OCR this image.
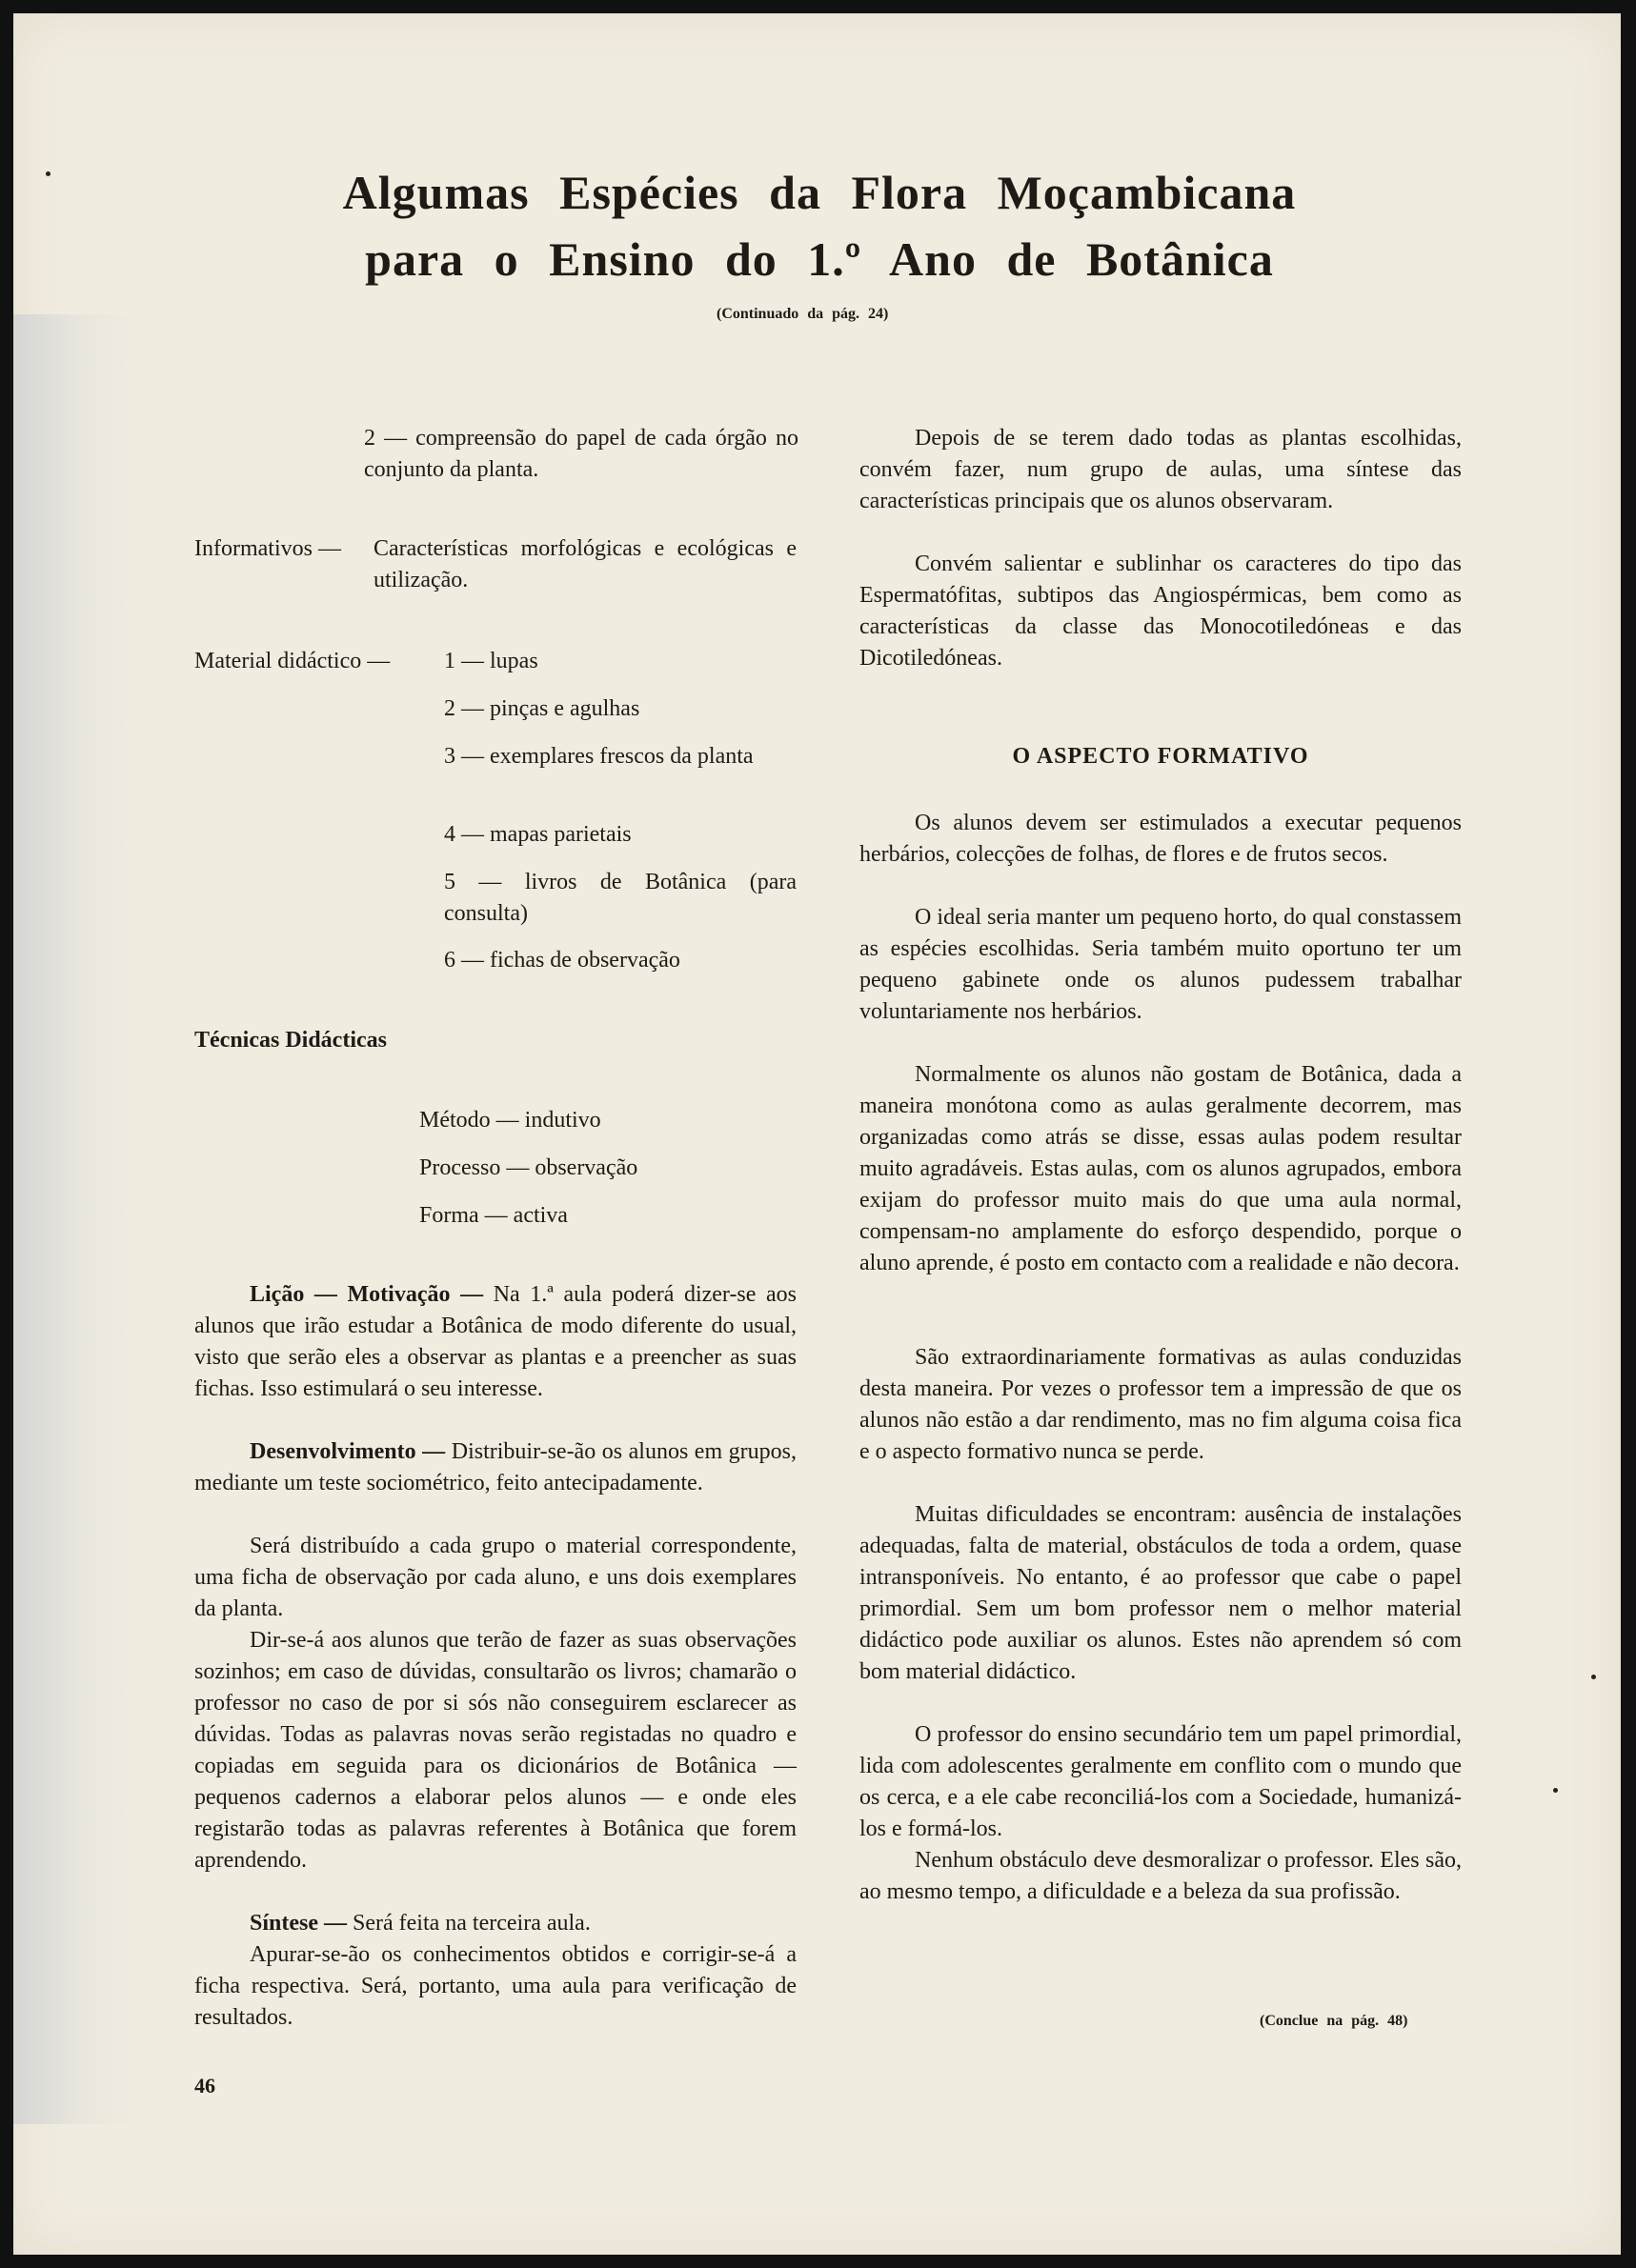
Algumas Espécies da Flora Moçambicana
para o Ensino do 1.º Ano de Botânica
(Continuado da pág. 24)
2 — compreensão do papel de cada órgão no conjunto da planta.
Informativos —	Características morfológicas e ecológicas e utilização.
Material didáctico — 1 — lupas
2 — pinças e agulhas
3 — exemplares frescos da planta
4 — mapas parietais
5 — livros de Botânica (para consulta)
6 — fichas de observação
Técnicas Didácticas
Método — indutivo
Processo — observação
Forma — activa

Lição — Motivação — Na 1.ª aula poderá dizer-se aos alunos que irão estudar a Botânica de modo diferente do usual, visto que serão eles a observar as plantas e a preencher as suas fichas. Isso estimulará o seu interesse.

Desenvolvimento — Distribuir-se-ão os alunos em grupos, mediante um teste sociométrico, feito antecipadamente.

Será distribuído a cada grupo o material correspondente, uma ficha de observação por cada aluno, e uns dois exemplares da planta.

Dir-se-á aos alunos que terão de fazer as suas observações sozinhos; em caso de dúvidas, consultarão os livros; chamarão o professor no caso de por si sós não conseguirem esclarecer as dúvidas. Todas as palavras novas serão registadas no quadro e copiadas em seguida para os dicionários de Botânica — pequenos cadernos a elaborar pelos alunos — e onde eles registarão todas as palavras referentes à Botânica que forem aprendendo.

Síntese — Será feita na terceira aula.

Apurar-se-ão os conhecimentos obtidos e corrigir-se-á a ficha respectiva. Será, portanto, uma aula para verificação de resultados.

46

Depois de se terem dado todas as plantas escolhidas, convém fazer, num grupo de aulas, uma síntese das características principais que os alunos observaram.

Convém salientar e sublinhar os caracteres do tipo das Espermatófitas, subtipos das Angiospérmicas, bem como as características da classe das Monocotiledóneas e das Dicotiledóneas.

O ASPECTO FORMATIVO

Os alunos devem ser estimulados a executar pequenos herbários, colecções de folhas, de flores e de frutos secos.

O ideal seria manter um pequeno horto, do qual constassem as espécies escolhidas. Seria também muito oportuno ter um pequeno gabinete onde os alunos pudessem trabalhar voluntariamente nos herbários.

Normalmente os alunos não gostam de Botânica, dada a maneira monótona como as aulas geralmente decorrem, mas organizadas como atrás se disse, essas aulas podem resultar muito agradáveis. Estas aulas, com os alunos agrupados, embora exijam do professor muito mais do que uma aula normal, compensam-no amplamente do esforço despendido, porque o aluno aprende, é posto em contacto com a realidade e não decora.

São extraordinariamente formativas as aulas conduzidas desta maneira. Por vezes o professor tem a impressão de que os alunos não estão a dar rendimento, mas no fim alguma coisa fica e o aspecto formativo nunca se perde.

Muitas dificuldades se encontram: ausência de instalações adequadas, falta de material, obstáculos de toda a ordem, quase intransponíveis. No entanto, é ao professor que cabe o papel primordial. Sem um bom professor nem o melhor material didáctico pode auxiliar os alunos. Estes não aprendem só com bom material didáctico.

O professor do ensino secundário tem um papel primordial, lida com adolescentes geralmente em conflito com o mundo que os cerca, e a ele cabe reconciliá-los com a Sociedade, humanizá-los e formá-los.

Nenhum obstáculo deve desmoralizar o professor. Eles são, ao mesmo tempo, a dificuldade e a beleza da sua profissão.

(Conclue na pág. 48)
